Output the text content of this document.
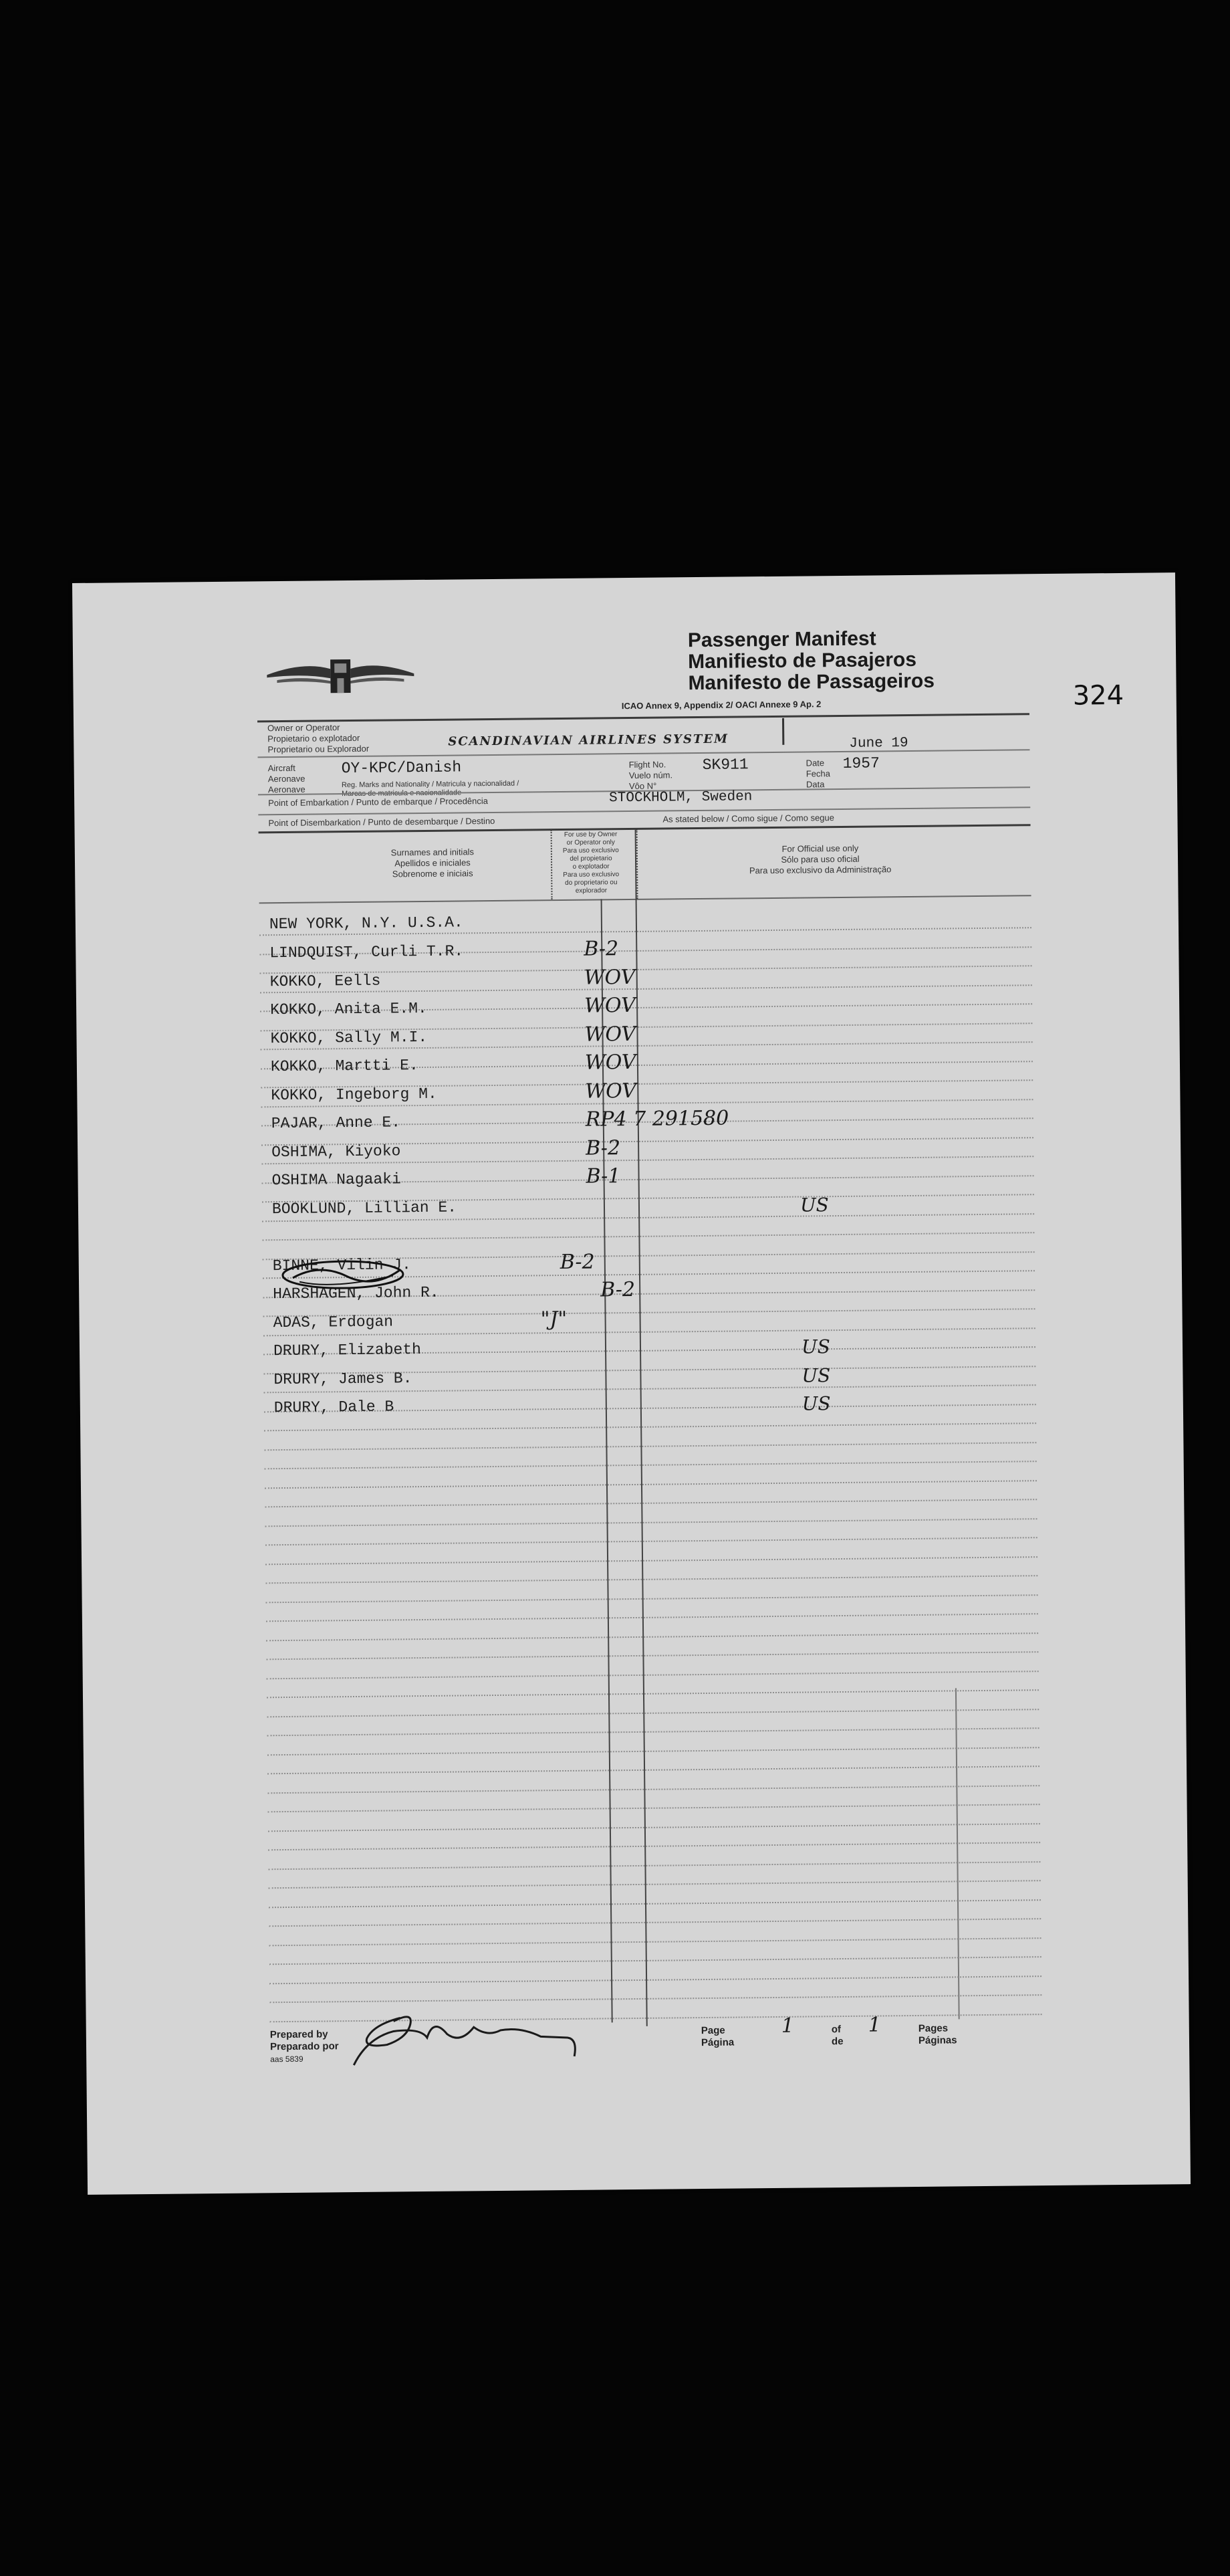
Passenger Manifest
Manifiesto de Pasajeros
Manifesto de Passageiros
ICAO Annex 9, Appendix 2/ OACI Annexe 9 Ap. 2	324
Owner or Operator
Propietario o explotador
Proprietario ou Explorador
SCANDINAVIAN AIRLINES SYSTEM
Aircraft
Aeronave
Aeronave
OY-KPC/Danish
Reg. Marks and Nationality / Matricula y nacionalidad /
Marcas de matricula e nacionalidade
Flight No.
Vuelo núm.
Vôo N°
SK911	Date
Fecha
Data
June 19
1957
Point of Embarkation / Punto de embarque / Procedência	STOCKHOLM, Sweden
Point of Disembarkation / Punto de desembarque / Destino	As stated below / Como sigue / Como segue
Surnames and initials
Apellidos e iniciales
Sobrenome e iniciais
For use by Owner
or Operator only
Para uso exclusivo
del propietario
o explotador
Para uso exclusivo
do proprietario ou
explorador
For Official use only
Sólo para uso oficial
Para uso exclusivo da Administração
NEW YORK, N.Y. U.S.A.
LINDQUIST, Curli T.R.	B-2
KOKKO, Eells	WOV
KOKKO, Anita E.M.	WOV
KOKKO, Sally M.I.	WOV
KOKKO, Martti E.	WOV
KOKKO, Ingeborg M.	WOV
PAJAR, Anne E.	RP4 7 291580
OSHIMA, Kiyoko	B-2
OSHIMA Nagaaki	B-1
BOOKLUND, Lillian E.	US
BINNE, Vilin J.	B-2
HARSHAGEN, John R.	B-2
ADAS, Erdogan	"J"
DRURY, Elizabeth	US
DRURY, James B.	US
DRURY, Dale B	US
Prepared by
Preparado por
aas 5839
Page
Página
1	of
de
1	Pages
Páginas
